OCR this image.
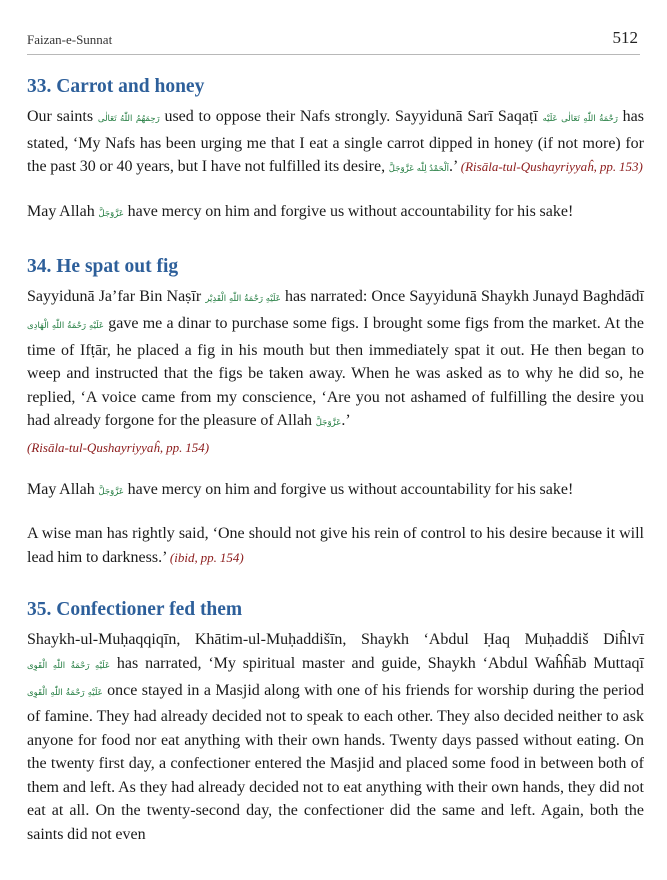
Faizan-e-Sunnat	512
33. Carrot and honey

Our saints رَحِمَهُمُ اللّٰهُ تَعَالٰی used to oppose their Nafs strongly. Sayyidunā Sarī Saqaṭī رَحْمَةُ اللّٰهِ تَعَالٰی عَلَيْه has stated, ‘My Nafs has been urging me that I eat a single carrot dipped in honey (if not more) for the past 30 or 40 years, but I have not fulfilled its desire, اَلْحَمْدُ لِلّٰه عَزَّوَجَلَّ.’ (Risāla-tul-Qushayriyyaĥ, pp. 153)

May Allah عَزَّوَجَلَّ have mercy on him and forgive us without accountability for his sake!

34. He spat out fig

Sayyidunā Ja’far Bin Naṣīr عَلَيْهِ رَحْمَةُ اللّٰهِ الْقَدِيْر has narrated: Once Sayyidunā Shaykh Junayd Baghdādī عَلَيْهِ رَحْمَةُ اللّٰهِ الْهَادِی gave me a dinar to purchase some figs. I brought some figs from the market. At the time of Ifṭār, he placed a fig in his mouth but then immediately spat it out. He then began to weep and instructed that the figs be taken away. When he was asked as to why he did so, he replied, ‘A voice came from my conscience, ‘Are you not ashamed of fulfilling the desire you had already forgone for the pleasure of Allah عَزَّوَجَلَّ.’
(Risāla-tul-Qushayriyyaĥ, pp. 154)

May Allah عَزَّوَجَلَّ have mercy on him and forgive us without accountability for his sake!

A wise man has rightly said, ‘One should not give his rein of control to his desire because it will lead him to darkness.’ (ibid, pp. 154)

35. Confectioner fed them

Shaykh-ul-Muḥaqqiqīn, Khātim-ul-Muḥaddišīn, Shaykh ‘Abdul Ḥaq Muḥaddiš Diĥlvī عَلَيْهِ رَحْمَةُ اللّٰهِ الْقَوِی has narrated, ‘My spiritual master and guide, Shaykh ‘Abdul Waĥĥāb Muttaqī عَلَيْهِ رَحْمَةُ اللّٰهِ الْقَوِی once stayed in a Masjid along with one of his friends for worship during the period of famine. They had already decided not to speak to each other. They also decided neither to ask anyone for food nor eat anything with their own hands. Twenty days passed without eating. On the twenty first day, a confectioner entered the Masjid and placed some food in between both of them and left. As they had already decided not to eat anything with their own hands, they did not eat at all. On the twenty-second day, the confectioner did the same and left. Again, both the saints did not even
